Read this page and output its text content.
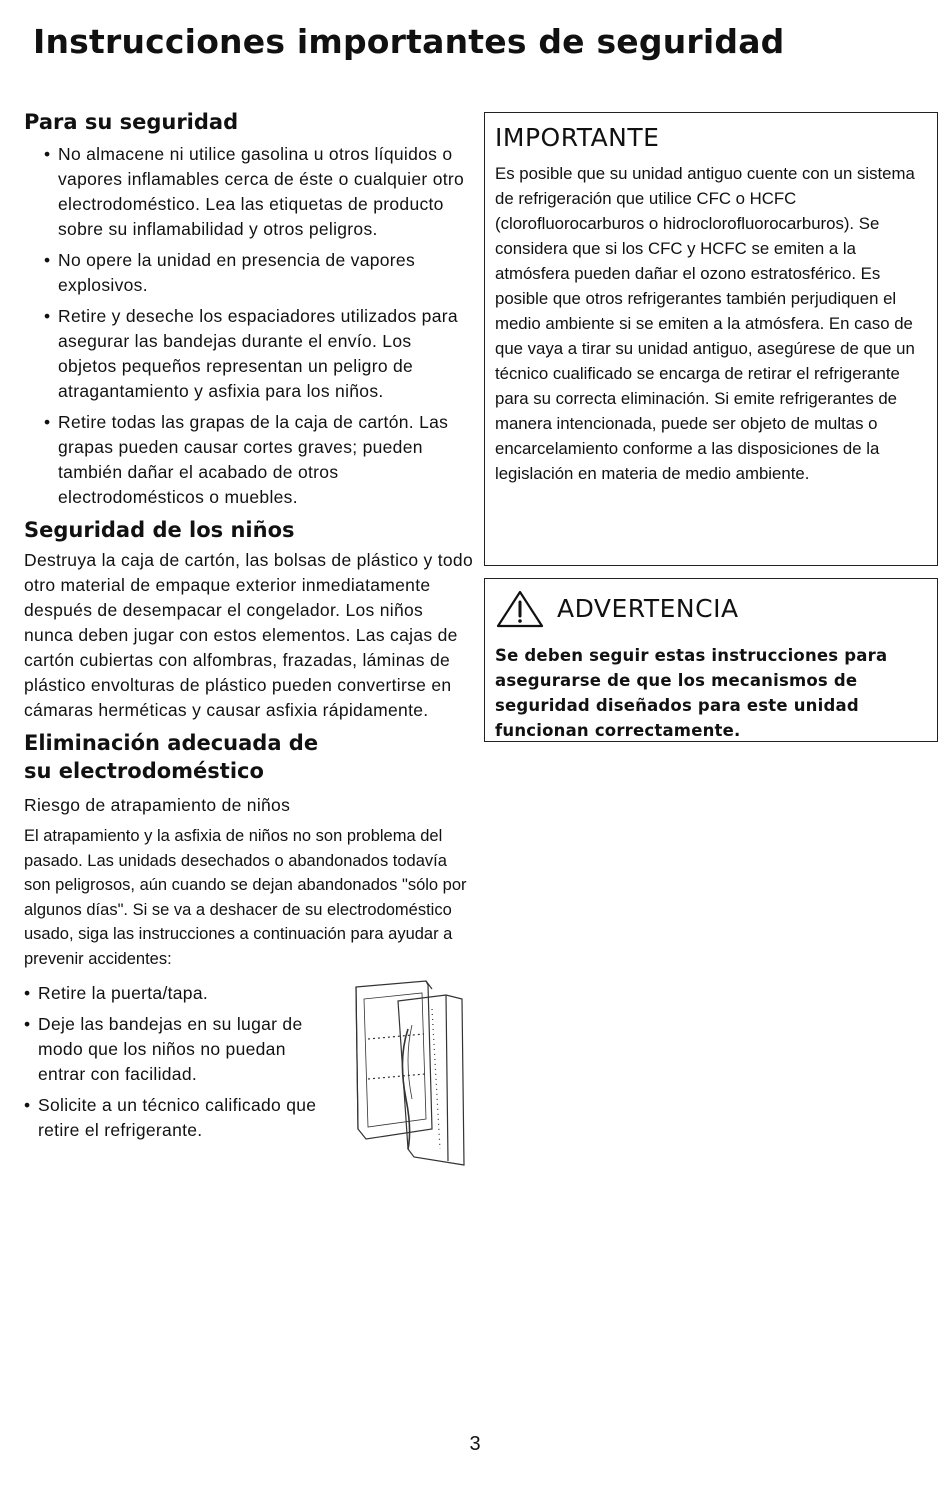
Instrucciones importantes de seguridad
Para su seguridad
• No almacene ni utilice gasolina u otros líquidos o vapores inflamables cerca de éste o cualquier otro electrodoméstico. Lea las etiquetas de producto sobre su inflamabilidad y otros peligros.
• No opere la unidad en presencia de vapores explosivos.
• Retire y deseche los espaciadores utilizados para asegurar las bandejas durante el envío. Los objetos pequeños representan un peligro de atragantamiento y asfixia para los niños.
• Retire todas las grapas de la caja de cartón. Las grapas pueden causar cortes graves; pueden también dañar el acabado de otros electrodomésticos o muebles.
Seguridad de los niños

Destruya la caja de cartón, las bolsas de plástico y todo otro material de empaque exterior inmediatamente después de desempacar el congelador. Los niños nunca deben jugar con estos elementos. Las cajas de cartón cubiertas con alfombras, frazadas, láminas de plástico envolturas de plástico pueden convertirse en cámaras herméticas y causar asfixia rápidamente.

Eliminación adecuada de
su electrodoméstico

Riesgo de atrapamiento de niños

El atrapamiento y la asfixia de niños no son problema del pasado. Las unidads desechados o abandonados todavía son peligrosos, aún cuando se dejan abandonados "sólo por algunos días". Si se va a deshacer de su electrodoméstico usado, siga las instrucciones a continuación para ayudar a prevenir accidentes:

• Retire la puerta/tapa.
• Deje las bandejas en su lugar de modo que los niños no puedan entrar con facilidad.
• Solicite a un técnico calificado que retire el refrigerante.
IMPORTANTE

Es posible que su unidad antiguo cuente con un sistema de refrigeración que utilice CFC o HCFC (clorofluorocarburos o hidroclorofluorocarburos). Se considera que si los CFC y HCFC se emiten a la atmósfera pueden dañar el ozono estratosférico. Es posible que otros refrigerantes también perjudiquen el medio ambiente si se emiten a la atmósfera. En caso de que vaya a tirar su unidad antiguo, asegúrese de que un técnico cualificado se encarga de retirar el refrigerante para su correcta eliminación. Si emite refrigerantes de manera intencionada, puede ser objeto de multas o encarcelamiento conforme a las disposiciones de la legislación en materia de medio ambiente.

ADVERTENCIA

Se deben seguir estas instrucciones para asegurarse de que los mecanismos de seguridad diseñados para este unidad funcionan correctamente.

3
